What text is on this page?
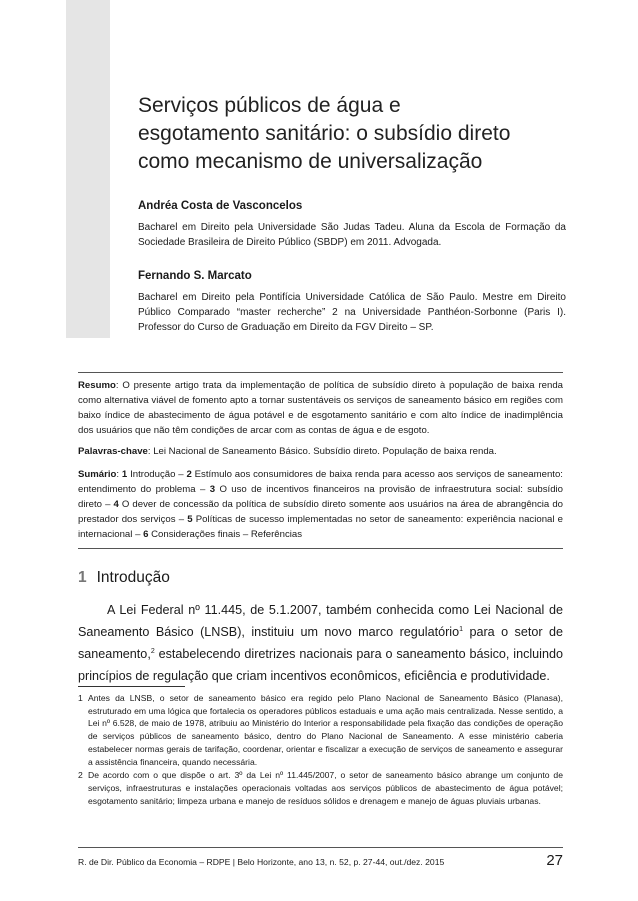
Serviços públicos de água e
esgotamento sanitário: o subsídio direto
como mecanismo de universalização
Andréa Costa de Vasconcelos
Bacharel em Direito pela Universidade São Judas Tadeu. Aluna da Escola de Formação da Sociedade Brasileira de Direito Público (SBDP) em 2011. Advogada.
Fernando S. Marcato
Bacharel em Direito pela Pontifícia Universidade Católica de São Paulo. Mestre em Direito Público Comparado “master recherche” 2 na Universidade Panthéon-Sorbonne (Paris I). Professor do Curso de Graduação em Direito da FGV Direito – SP.

Resumo: O presente artigo trata da implementação de política de subsídio direto à população de baixa renda como alternativa viável de fomento apto a tornar sustentáveis os serviços de saneamento básico em regiões com baixo índice de abastecimento de água potável e de esgotamento sanitário e com alto índice de inadimplência dos usuários que não têm condições de arcar com as contas de água e de esgoto.

Palavras-chave: Lei Nacional de Saneamento Básico. Subsídio direto. População de baixa renda.

Sumário: 1 Introdução – 2 Estímulo aos consumidores de baixa renda para acesso aos serviços de saneamento: entendimento do problema – 3 O uso de incentivos financeiros na provisão de infraestrutura social: subsídio direto – 4 O dever de concessão da política de subsídio direto somente aos usuários na área de abrangência do prestador dos serviços – 5 Políticas de sucesso implementadas no setor de saneamento: experiência nacional e internacional – 6 Considerações finais – Referências

1 Introdução

A Lei Federal nº 11.445, de 5.1.2007, também conhecida como Lei Nacional de Saneamento Básico (LNSB), instituiu um novo marco regulatório$^1$ para o setor de saneamento,$^2$ estabelecendo diretrizes nacionais para o saneamento básico, incluindo princípios de regulação que criam incentivos econômicos, eficiência e produtividade.

1 Antes da LNSB, o setor de saneamento básico era regido pelo Plano Nacional de Saneamento Básico (Planasa), estruturado em uma lógica que fortalecia os operadores públicos estaduais e uma ação mais centralizada. Nesse sentido, a Lei nº 6.528, de maio de 1978, atribuiu ao Ministério do Interior a responsabilidade pela fixação das condições de operação de serviços públicos de saneamento básico, dentro do Plano Nacional de Saneamento. A esse ministério caberia estabelecer normas gerais de tarifação, coordenar, orientar e fiscalizar a execução de serviços de saneamento e assegurar a assistência financeira, quando necessária.
2 De acordo com o que dispõe o art. 3º da Lei nº 11.445/2007, o setor de saneamento básico abrange um conjunto de serviços, infraestruturas e instalações operacionais voltadas aos serviços públicos de abastecimento de água potável; esgotamento sanitário; limpeza urbana e manejo de resíduos sólidos e drenagem e manejo de águas pluviais urbanas.
R. de Dir. Público da Economia – RDPE | Belo Horizonte, ano 13, n. 52, p. 27-44, out./dez. 2015	27
